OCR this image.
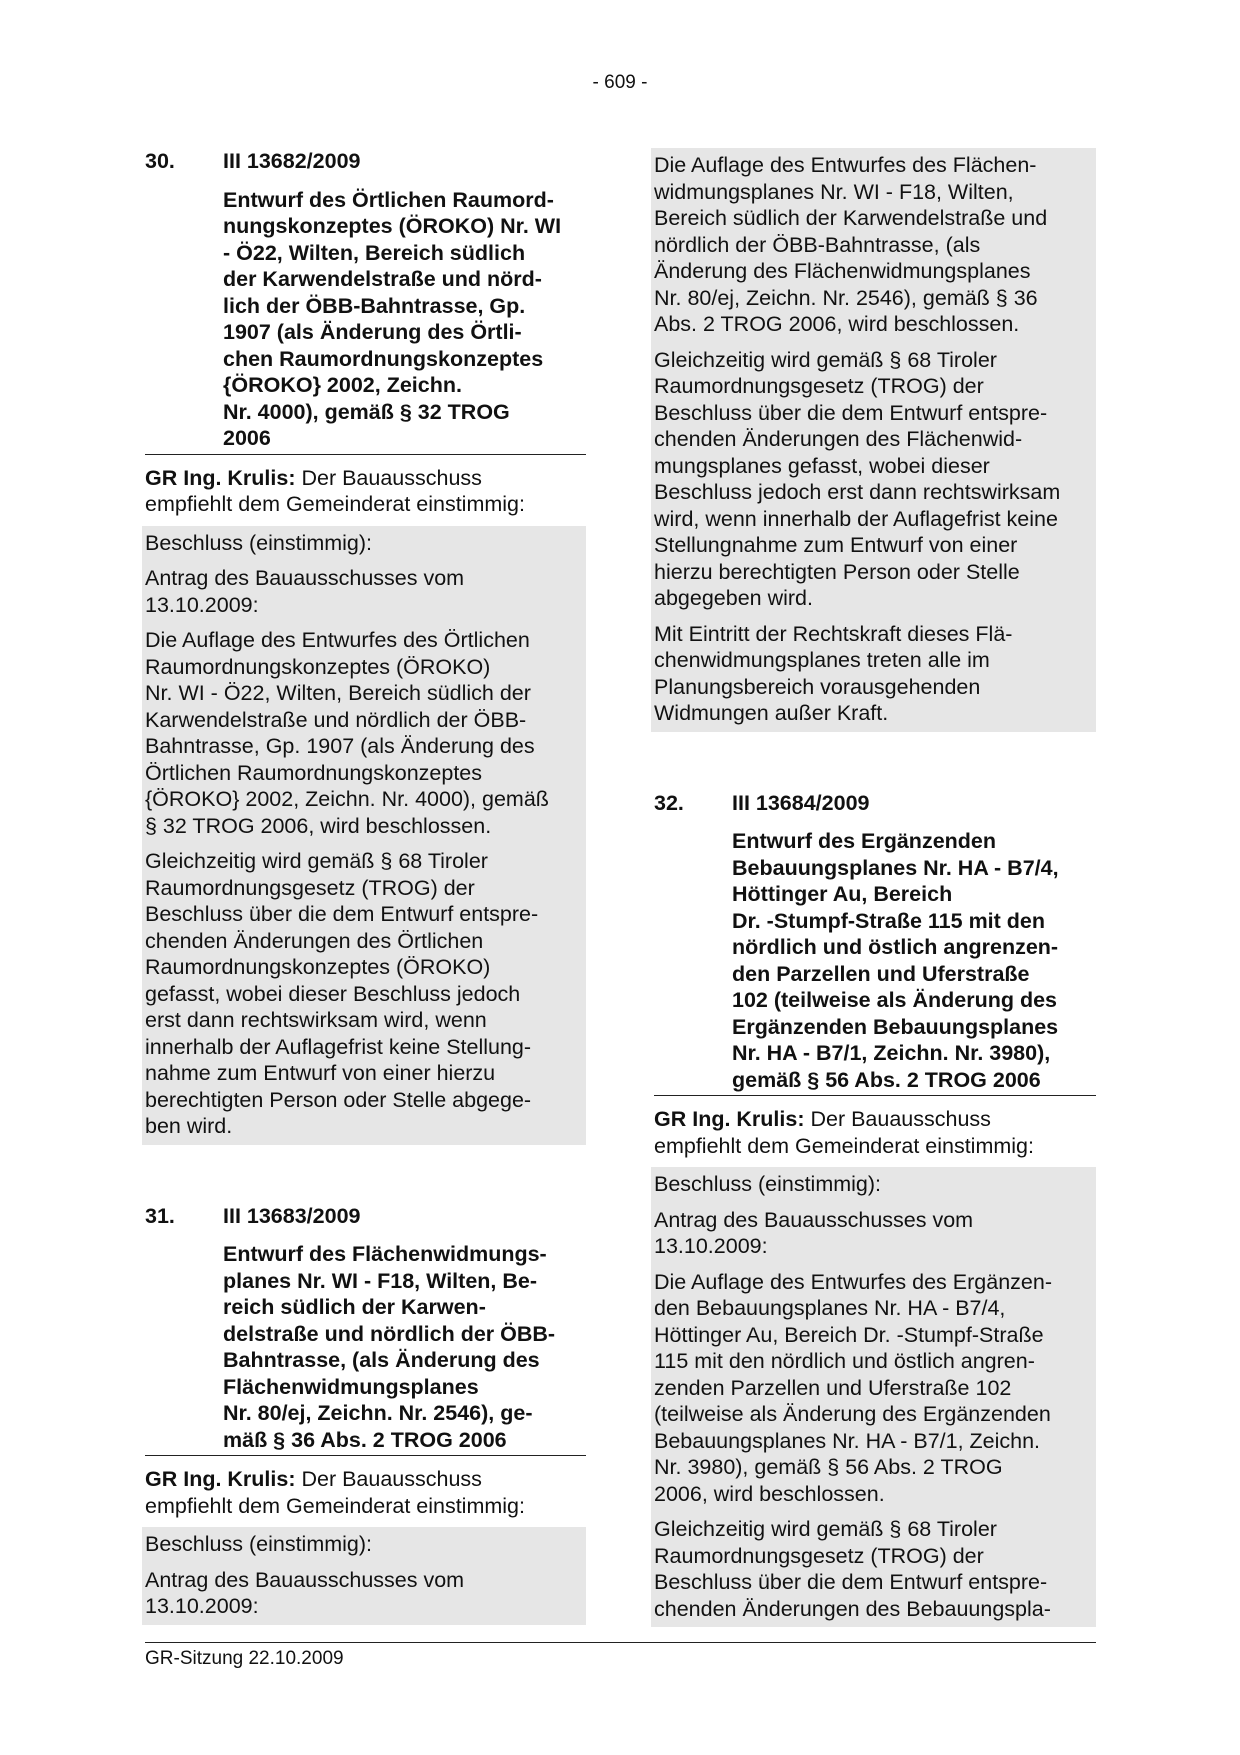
- 609 -
30.	III 13682/2009
Entwurf des Örtlichen Raumord-
nungskonzeptes (ÖROKO) Nr. WI
- Ö22, Wilten, Bereich südlich
der Karwendelstraße und nörd-
lich der ÖBB-Bahntrasse, Gp.
1907 (als Änderung des Örtli-
chen Raumordnungskonzeptes
{ÖROKO} 2002, Zeichn.
Nr. 4000), gemäß § 32 TROG
2006
GR Ing. Krulis: Der Bauausschuss
empfiehlt dem Gemeinderat einstimmig:

Beschluss (einstimmig):

Antrag des Bauausschusses vom
13.10.2009:

Die Auflage des Entwurfes des Örtlichen
Raumordnungskonzeptes (ÖROKO)
Nr. WI - Ö22, Wilten, Bereich südlich der
Karwendelstraße und nördlich der ÖBB-
Bahntrasse, Gp. 1907 (als Änderung des
Örtlichen Raumordnungskonzeptes
{ÖROKO} 2002, Zeichn. Nr. 4000), gemäß
§ 32 TROG 2006, wird beschlossen.

Gleichzeitig wird gemäß § 68 Tiroler
Raumordnungsgesetz (TROG) der
Beschluss über die dem Entwurf entspre-
chenden Änderungen des Örtlichen
Raumordnungskonzeptes (ÖROKO)
gefasst, wobei dieser Beschluss jedoch
erst dann rechtswirksam wird, wenn
innerhalb der Auflagefrist keine Stellung-
nahme zum Entwurf von einer hierzu
berechtigten Person oder Stelle abgege-
ben wird.

31.	III 13683/2009
Entwurf des Flächenwidmungs-
planes Nr. WI - F18, Wilten, Be-
reich südlich der Karwen-
delstraße und nördlich der ÖBB-
Bahntrasse, (als Änderung des
Flächenwidmungsplanes
Nr. 80/ej, Zeichn. Nr. 2546), ge-
mäß § 36 Abs. 2 TROG 2006
GR Ing. Krulis: Der Bauausschuss
empfiehlt dem Gemeinderat einstimmig:

Beschluss (einstimmig):

Antrag des Bauausschusses vom
13.10.2009:

Die Auflage des Entwurfes des Flächen-
widmungsplanes Nr. WI - F18, Wilten,
Bereich südlich der Karwendelstraße und
nördlich der ÖBB-Bahntrasse, (als
Änderung des Flächenwidmungsplanes
Nr. 80/ej, Zeichn. Nr. 2546), gemäß § 36
Abs. 2 TROG 2006, wird beschlossen.

Gleichzeitig wird gemäß § 68 Tiroler
Raumordnungsgesetz (TROG) der
Beschluss über die dem Entwurf entspre-
chenden Änderungen des Flächenwid-
mungsplanes gefasst, wobei dieser
Beschluss jedoch erst dann rechtswirksam
wird, wenn innerhalb der Auflagefrist keine
Stellungnahme zum Entwurf von einer
hierzu berechtigten Person oder Stelle
abgegeben wird.

Mit Eintritt der Rechtskraft dieses Flä-
chenwidmungsplanes treten alle im
Planungsbereich vorausgehenden
Widmungen außer Kraft.

32.	III 13684/2009
Entwurf des Ergänzenden
Bebauungsplanes Nr. HA - B7/4,
Höttinger Au, Bereich
Dr. -Stumpf-Straße 115 mit den
nördlich und östlich angrenzen-
den Parzellen und Uferstraße
102 (teilweise als Änderung des
Ergänzenden Bebauungsplanes
Nr. HA - B7/1, Zeichn. Nr. 3980),
gemäß § 56 Abs. 2 TROG 2006
GR Ing. Krulis: Der Bauausschuss
empfiehlt dem Gemeinderat einstimmig:

Beschluss (einstimmig):

Antrag des Bauausschusses vom
13.10.2009:

Die Auflage des Entwurfes des Ergänzen-
den Bebauungsplanes Nr. HA - B7/4,
Höttinger Au, Bereich Dr. -Stumpf-Straße
115 mit den nördlich und östlich angren-
zenden Parzellen und Uferstraße 102
(teilweise als Änderung des Ergänzenden
Bebauungsplanes Nr. HA - B7/1, Zeichn.
Nr. 3980), gemäß § 56 Abs. 2 TROG
2006, wird beschlossen.

Gleichzeitig wird gemäß § 68 Tiroler
Raumordnungsgesetz (TROG) der
Beschluss über die dem Entwurf entspre-
chenden Änderungen des Bebauungspla-

GR-Sitzung 22.10.2009
